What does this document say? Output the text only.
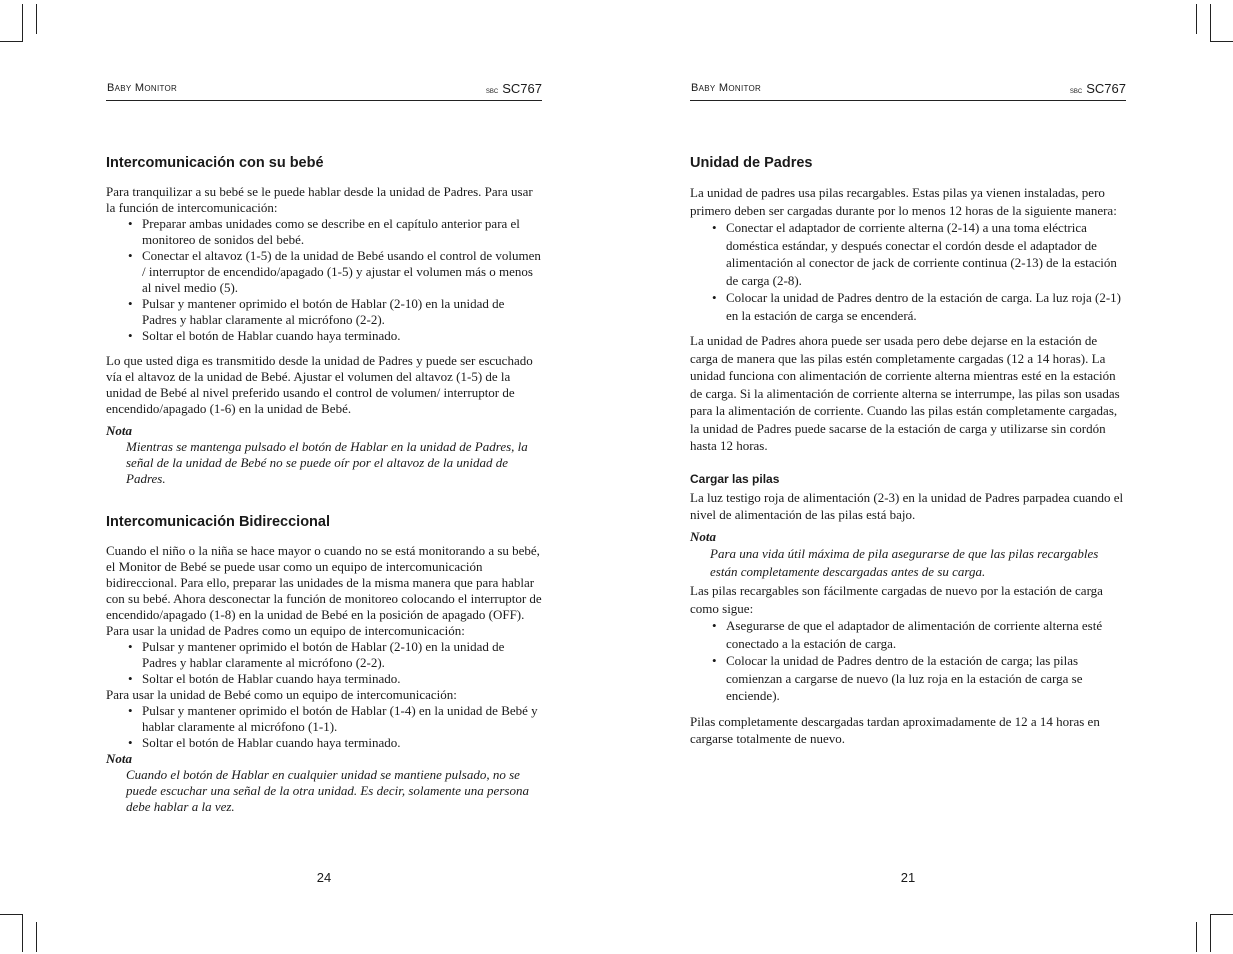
Baby Monitor	sbc SC767
Intercomunicación con su bebé

Para tranquilizar a su bebé se le puede hablar desde la unidad de Padres. Para usar la función de intercomunicación:

• Preparar ambas unidades como se describe en el capítulo anterior para el monitoreo de sonidos del bebé.
• Conectar el altavoz (1-5) de la unidad de Bebé usando el control de volumen / interruptor de encendido/apagado (1-5) y ajustar el volumen más o menos al nivel medio (5).
• Pulsar y mantener oprimido el botón de Hablar (2-10) en la unidad de Padres y hablar claramente al micrófono (2-2).
• Soltar el botón de Hablar cuando haya terminado.

Lo que usted diga es transmitido desde la unidad de Padres y puede ser escuchado vía el altavoz de la unidad de Bebé. Ajustar el volumen del altavoz (1-5) de la unidad de Bebé al nivel preferido usando el control de volumen/ interruptor de encendido/apagado (1-6) en la unidad de Bebé.

Nota

Mientras se mantenga pulsado el botón de Hablar en la unidad de Padres, la señal de la unidad de Bebé no se puede oír por el altavoz de la unidad de Padres.

Intercomunicación Bidireccional

Cuando el niño o la niña se hace mayor o cuando no se está monitorando a su bebé, el Monitor de Bebé se puede usar como un equipo de intercomunicación bidireccional. Para ello, preparar las unidades de la misma manera que para hablar con su bebé. Ahora desconectar la función de monitoreo colocando el interruptor de encendido/apagado (1-8) en la unidad de Bebé en la posición de apagado (OFF).

Para usar la unidad de Padres como un equipo de intercomunicación:

• Pulsar y mantener oprimido el botón de Hablar (2-10) en la unidad de Padres y hablar claramente al micrófono (2-2).
• Soltar el botón de Hablar cuando haya terminado.

Para usar la unidad de Bebé como un equipo de intercomunicación:

• Pulsar y mantener oprimido el botón de Hablar (1-4) en la unidad de Bebé y hablar claramente al micrófono (1-1).
• Soltar el botón de Hablar cuando haya terminado.

Nota

Cuando el botón de Hablar en cualquier unidad se mantiene pulsado, no se puede escuchar una señal de la otra unidad. Es decir, solamente una persona debe hablar a la vez.

24
Baby Monitor	sbc SC767
Unidad de Padres

La unidad de padres usa pilas recargables. Estas pilas ya vienen instaladas, pero primero deben ser cargadas durante por lo menos 12 horas de la siguiente manera:

• Conectar el adaptador de corriente alterna (2-14) a una toma eléctrica doméstica estándar, y después conectar el cordón desde el adaptador de alimentación al conector de jack de corriente continua (2-13) de la estación de carga (2-8).
• Colocar la unidad de Padres dentro de la estación de carga. La luz roja (2-1) en la estación de carga se encenderá.

La unidad de Padres ahora puede ser usada pero debe dejarse en la estación de carga de manera que las pilas estén completamente cargadas (12 a 14 horas). La unidad funciona con alimentación de corriente alterna mientras esté en la estación de carga. Si la alimentación de corriente alterna se interrumpe, las pilas son usadas para la alimentación de corriente. Cuando las pilas están completamente cargadas, la unidad de Padres puede sacarse de la estación de carga y utilizarse sin cordón hasta 12 horas.

Cargar las pilas

La luz testigo roja de alimentación (2-3) en la unidad de Padres parpadea cuando el nivel de alimentación de las pilas está bajo.

Nota

Para una vida útil máxima de pila asegurarse de que las pilas recargables están completamente descargadas antes de su carga.

Las pilas recargables son fácilmente cargadas de nuevo por la estación de carga como sigue:

• Asegurarse de que el adaptador de alimentación de corriente alterna esté conectado a la estación de carga.
• Colocar la unidad de Padres dentro de la estación de carga; las pilas comienzan a cargarse de nuevo (la luz roja en la estación de carga se enciende).

Pilas completamente descargadas tardan aproximadamente de 12 a 14 horas en cargarse totalmente de nuevo.

21
